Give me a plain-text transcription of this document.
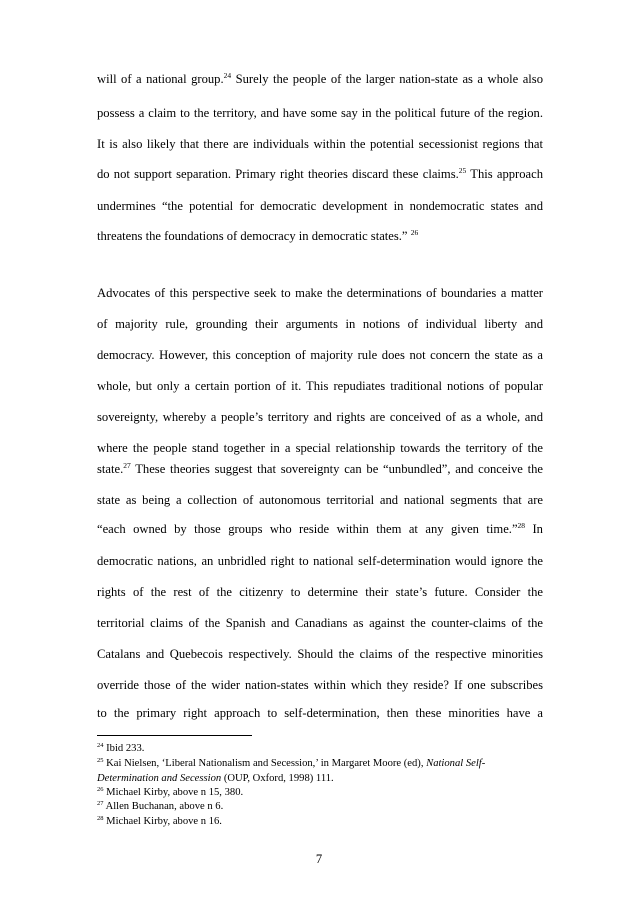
will of a national group.$^{24}$ Surely the people of the larger nation-state as a whole also
possess a claim to the territory, and have some say in the political future of the region.
It is also likely that there are individuals within the potential secessionist regions that
do not support separation. Primary right theories discard these claims.$^{25}$ This approach
undermines “the potential for democratic development in nondemocratic states and
threatens the foundations of democracy in democratic states.” $^{26}$
Advocates of this perspective seek to make the determinations of boundaries a matter
of majority rule, grounding their arguments in notions of individual liberty and
democracy. However, this conception of majority rule does not concern the state as a
whole, but only a certain portion of it. This repudiates traditional notions of popular
sovereignty, whereby a people’s territory and rights are conceived of as a whole, and
where the people stand together in a special relationship towards the territory of the
state.$^{27}$ These theories suggest that sovereignty can be “unbundled”, and conceive the
state as being a collection of autonomous territorial and national segments that are
“each owned by those groups who reside within them at any given time.”$^{28}$ In
democratic nations, an unbridled right to national self-determination would ignore the
rights of the rest of the citizenry to determine their state’s future. Consider the
territorial claims of the Spanish and Canadians as against the counter-claims of the
Catalans and Quebecois respectively. Should the claims of the respective minorities
override those of the wider nation-states within which they reside? If one subscribes
to the primary right approach to self-determination, then these minorities have a
$^{24}$ Ibid 233.
$^{25}$ Kai Nielsen, ‘Liberal Nationalism and Secession,’ in Margaret Moore (ed), National Self-
Determination and Secession (OUP, Oxford, 1998) 111.
$^{26}$ Michael Kirby, above n 15, 380.
$^{27}$ Allen Buchanan, above n 6.
$^{28}$ Michael Kirby, above n 16.
7
